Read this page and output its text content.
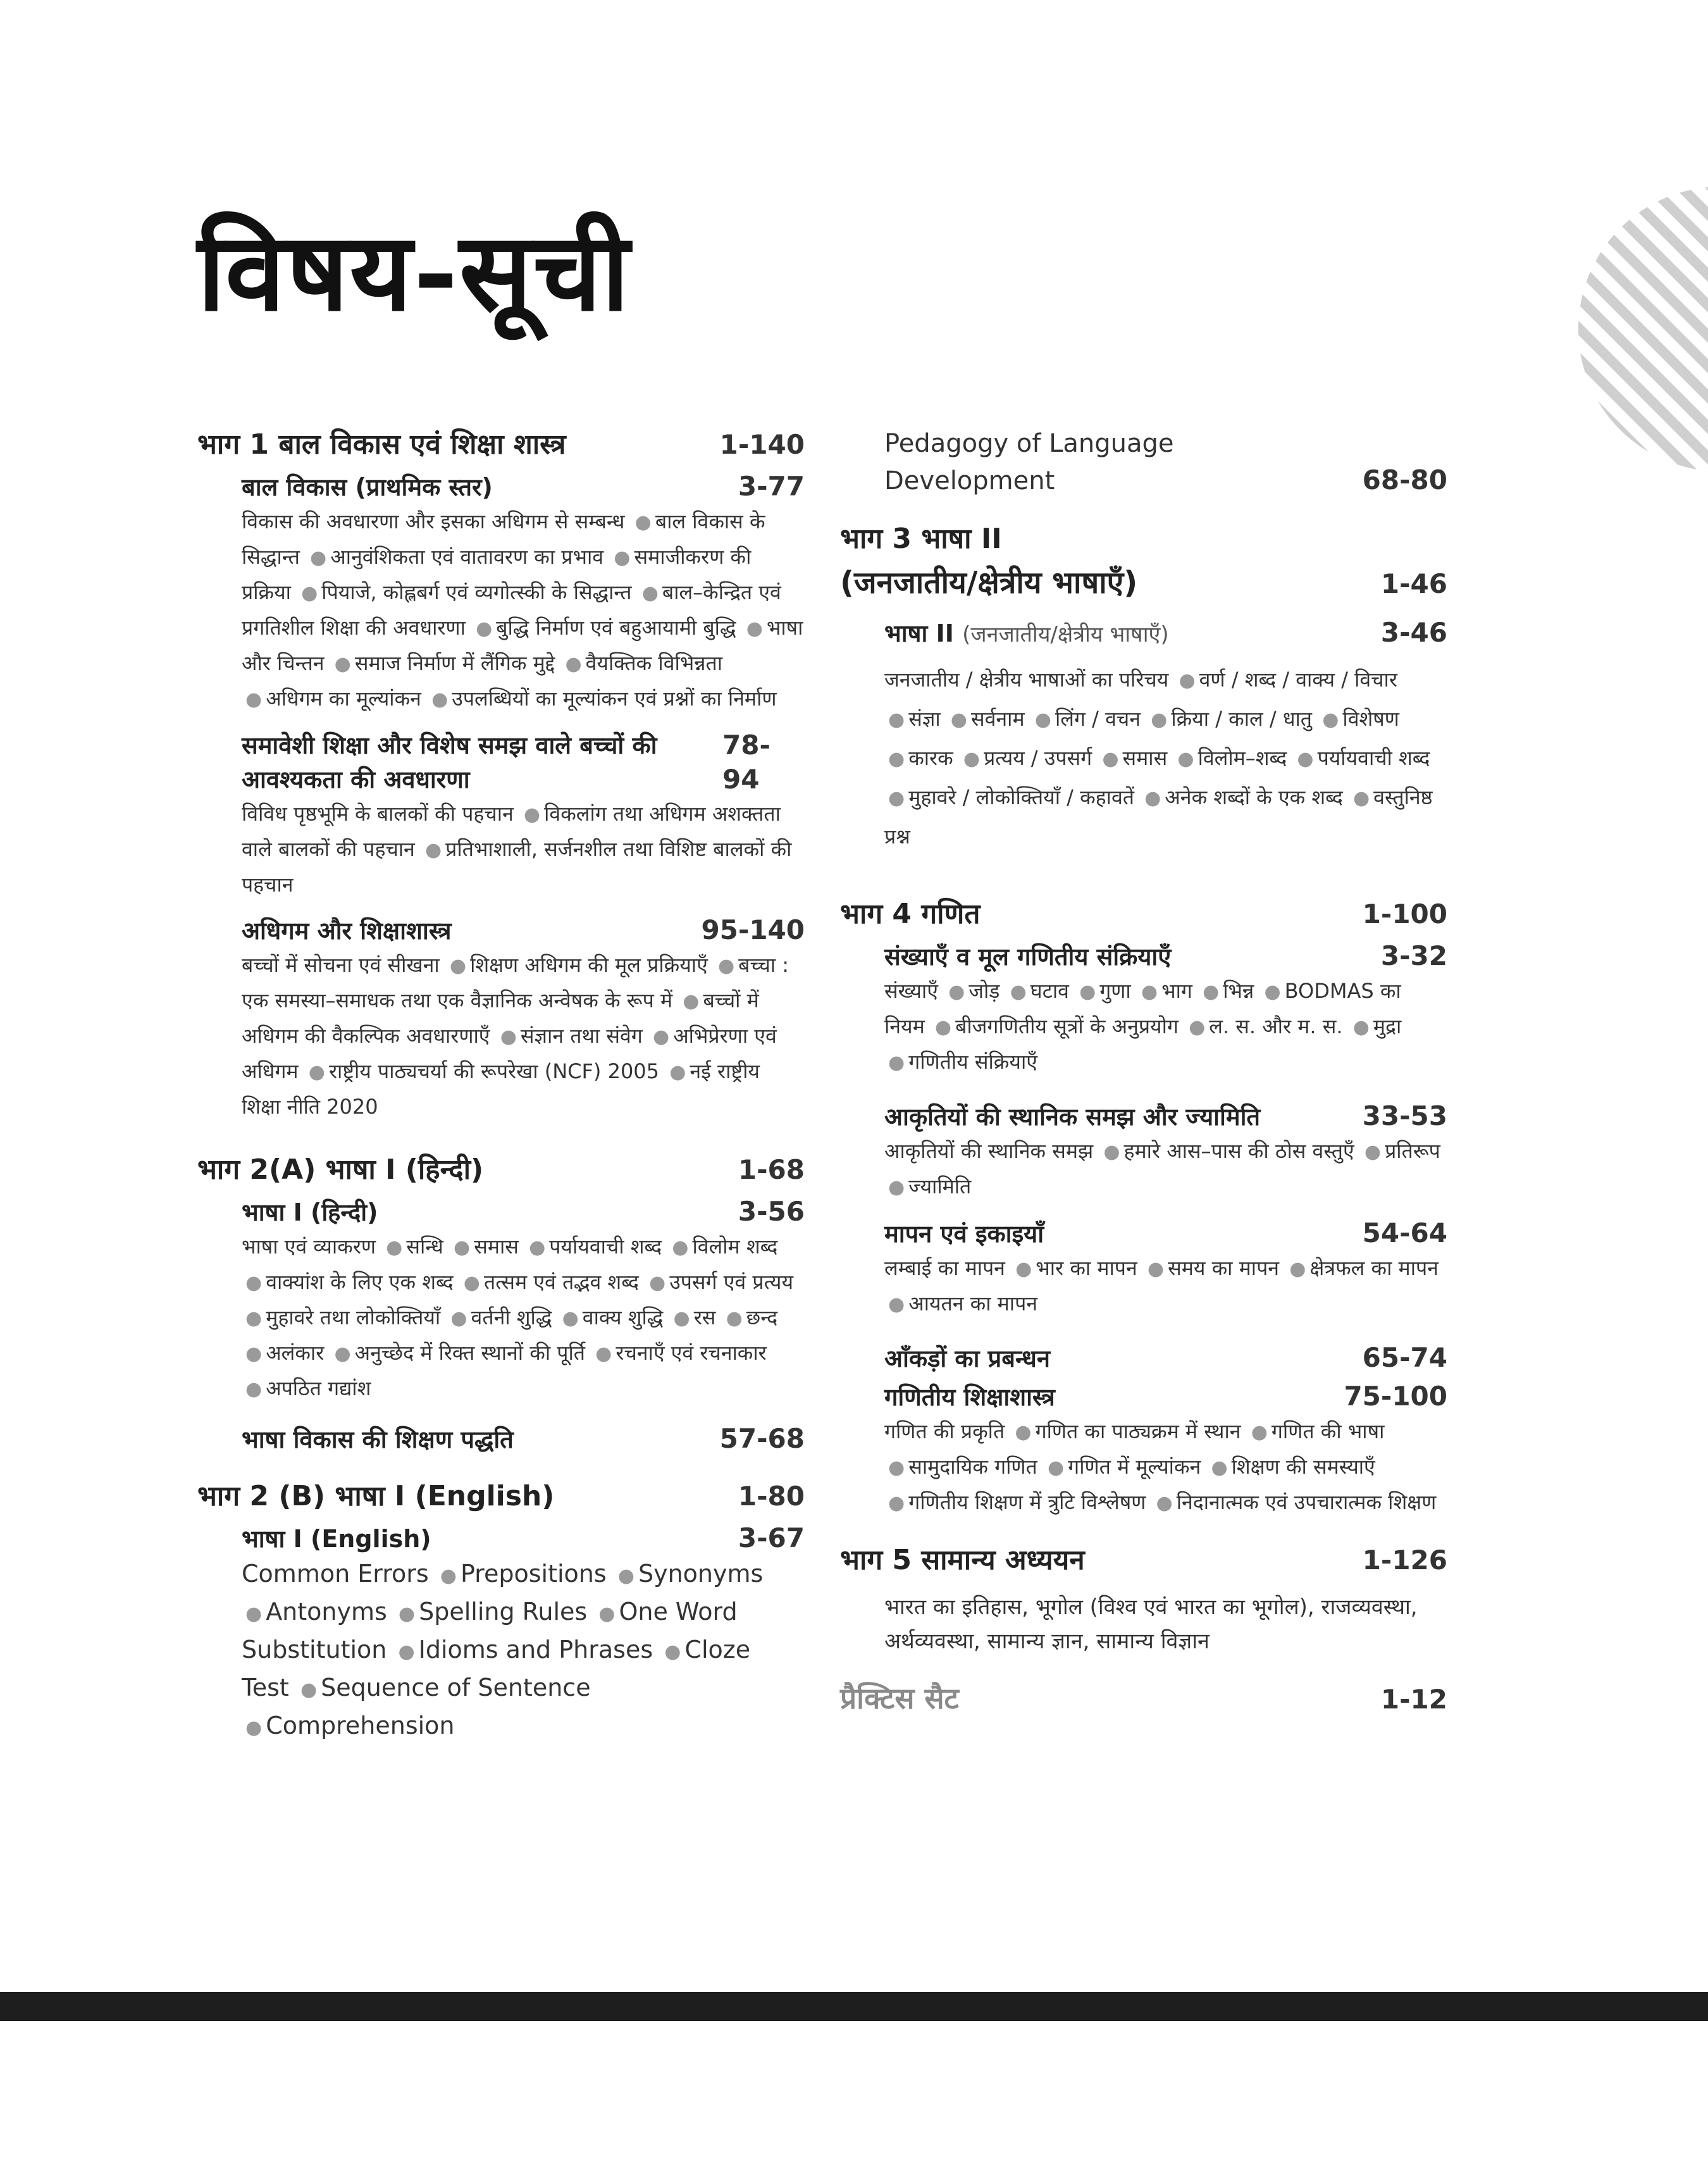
विषय-सूची
भाग 1 बाल विकास एवं शिक्षा शास्त्र	1-140
बाल विकास (प्राथमिक स्तर)	3-77
विकास की अवधारणा और इसका अधिगम से सम्बन्ध ● बाल विकास के सिद्धान्त ● आनुवंशिकता एवं वातावरण का प्रभाव ● समाजीकरण की प्रक्रिया ● पियाजे, कोह्लबर्ग एवं व्यगोत्स्की के सिद्धान्त ● बाल–केन्द्रित एवं प्रगतिशील शिक्षा की अवधारणा ● बुद्धि निर्माण एवं बहुआयामी बुद्धि ● भाषा और चिन्तन ● समाज निर्माण में लैंगिक मुद्दे ● वैयक्तिक विभिन्नता ● अधिगम का मूल्यांकन ● उपलब्धियों का मूल्यांकन एवं प्रश्नों का निर्माण
समावेशी शिक्षा और विशेष समझ वाले बच्चों की आवश्यकता की अवधारणा
78-94
विविध पृष्ठभूमि के बालकों की पहचान ● विकलांग तथा अधिगम अशक्तता वाले बालकों की पहचान ● प्रतिभाशाली, सर्जनशील तथा विशिष्ट बालकों की पहचान
अधिगम और शिक्षाशास्त्र	95-140
बच्चों में सोचना एवं सीखना ● शिक्षण अधिगम की मूल प्रक्रियाएँ ● बच्चा : एक समस्या–समाधक तथा एक वैज्ञानिक अन्वेषक के रूप में ● बच्चों में अधिगम की वैकल्पिक अवधारणाएँ ● संज्ञान तथा संवेग ● अभिप्रेरणा एवं अधिगम ● राष्ट्रीय पाठ्यचर्या की रूपरेखा (NCF) 2005 ● नई राष्ट्रीय शिक्षा नीति 2020
भाग 2(A) भाषा I (हिन्दी)	1-68
भाषा I (हिन्दी)	3-56
भाषा एवं व्याकरण ● सन्धि ● समास ● पर्यायवाची शब्द ● विलोम शब्द ● वाक्यांश के लिए एक शब्द ● तत्सम एवं तद्भव शब्द ● उपसर्ग एवं प्रत्यय ● मुहावरे तथा लोकोक्तियाँ ● वर्तनी शुद्धि ● वाक्य शुद्धि ● रस ● छन्द ● अलंकार ● अनुच्छेद में रिक्त स्थानों की पूर्ति ● रचनाएँ एवं रचनाकार ● अपठित गद्यांश
भाषा विकास की शिक्षण पद्धति	57-68
भाग 2 (B) भाषा I (English)	1-80
भाषा I (English)	3-67
Common Errors ● Prepositions ● Synonyms ● Antonyms ● Spelling Rules ● One Word Substitution ● Idioms and Phrases ● Cloze Test ● Sequence of Sentence ● Comprehension
Pedagogy of Language
Development	68-80
भाग 3 भाषा II
(जनजातीय/क्षेत्रीय भाषाएँ)	1-46
भाषा II (जनजातीय/क्षेत्रीय भाषाएँ)	3-46
जनजातीय / क्षेत्रीय भाषाओं का परिचय ● वर्ण / शब्द / वाक्य / विचार ● संज्ञा ● सर्वनाम ● लिंग / वचन ● क्रिया / काल / धातु ● विशेषण ● कारक ● प्रत्यय / उपसर्ग ● समास ● विलोम–शब्द ● पर्यायवाची शब्द ● मुहावरे / लोकोक्तियाँ / कहावतें ● अनेक शब्दों के एक शब्द ● वस्तुनिष्ठ प्रश्न
भाग 4 गणित	1-100
संख्याएँ व मूल गणितीय संक्रियाएँ	3-32
संख्याएँ ● जोड़ ● घटाव ● गुणा ● भाग ● भिन्न ● BODMAS का नियम ● बीजगणितीय सूत्रों के अनुप्रयोग ● ल. स. और म. स. ● मुद्रा ● गणितीय संक्रियाएँ
आकृतियों की स्थानिक समझ और ज्यामिति	33-53
आकृतियों की स्थानिक समझ ● हमारे आस–पास की ठोस वस्तुएँ ● प्रतिरूप ● ज्यामिति
मापन एवं इकाइयाँ	54-64
लम्बाई का मापन ● भार का मापन ● समय का मापन ● क्षेत्रफल का मापन ● आयतन का मापन
आँकड़ों का प्रबन्धन	65-74
गणितीय शिक्षाशास्त्र	75-100
गणित की प्रकृति ● गणित का पाठ्यक्रम में स्थान ● गणित की भाषा ● सामुदायिक गणित ● गणित में मूल्यांकन ● शिक्षण की समस्याएँ ● गणितीय शिक्षण में त्रुटि विश्लेषण ● निदानात्मक एवं उपचारात्मक शिक्षण
भाग 5 सामान्य अध्ययन	1-126
भारत का इतिहास, भूगोल (विश्व एवं भारत का भूगोल), राजव्यवस्था, अर्थव्यवस्था, सामान्य ज्ञान, सामान्य विज्ञान
प्रैक्टिस सैट	1-12
